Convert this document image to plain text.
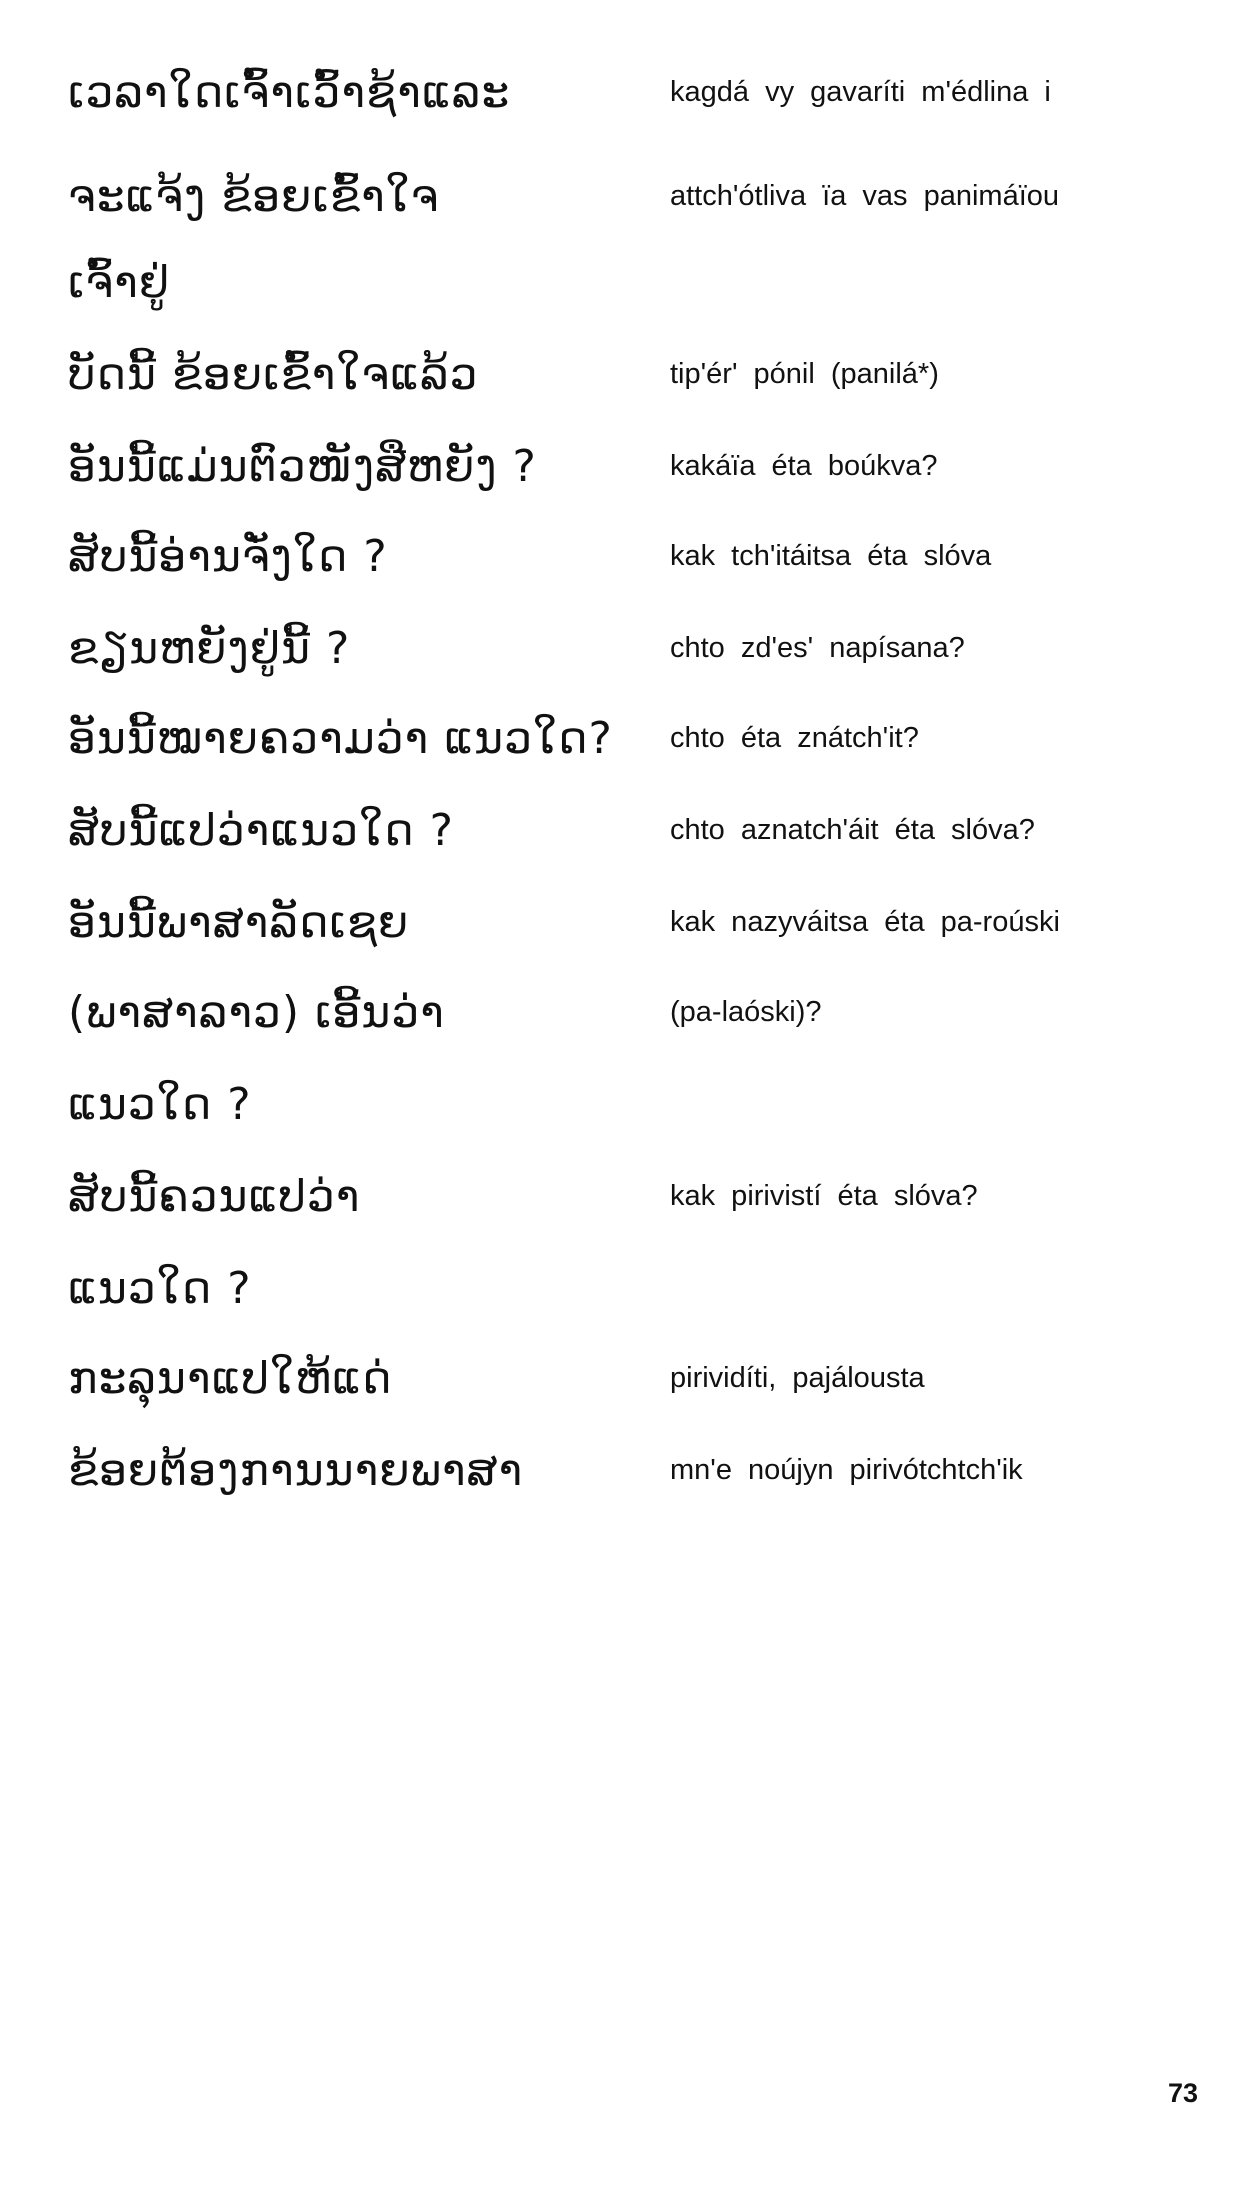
ເວລາໃດເຈົ້າເວົ້າຊ້າແລະ	kagdá vy gavaríti m'édlina i
ຈະແຈ້ງ ຂ້ອຍເຂົ້າໃຈ	attch'ótliva ïa vas panimáïou
ເຈົ້າຢູ່
ບັດນີ້ ຂ້ອຍເຂົ້າໃຈແລ້ວ	tip'ér' pónil (panilá*)
ອັນນີ້ແມ່ນຕົວໜັງສືຫຍັງ ?	kakáïa éta boúkva?
ສັບນີ້ອ່ານຈັ່ງໃດ ?	kak tch'itáitsa éta slóva
ຂຽນຫຍັງຢູ່ນີ້ ?	chto zd'es' napísana?
ອັນນີ້ໝາຍຄວາມວ່າ ແນວໃດ?	chto éta znátch'it?
ສັບນີ້ແປວ່າແນວໃດ ?	chto aznatch'áit éta slóva?
ອັນນີ້ພາສາລັດເຊຍ	kak nazyváitsa éta pa-roúski
(ພາສາລາວ) ເອີ້ນວ່າ	(pa-laóski)?
ແນວໃດ ?
ສັບນີ້ຄວນແປວ່າ	kak pirivistí éta slóva?
ແນວໃດ ?
ກະລຸນາແປໃຫ້ແດ່	pirividíti, pajálousta
ຂ້ອຍຕ້ອງການນາຍພາສາ	mn'e noújyn pirivótchtch'ik
73
